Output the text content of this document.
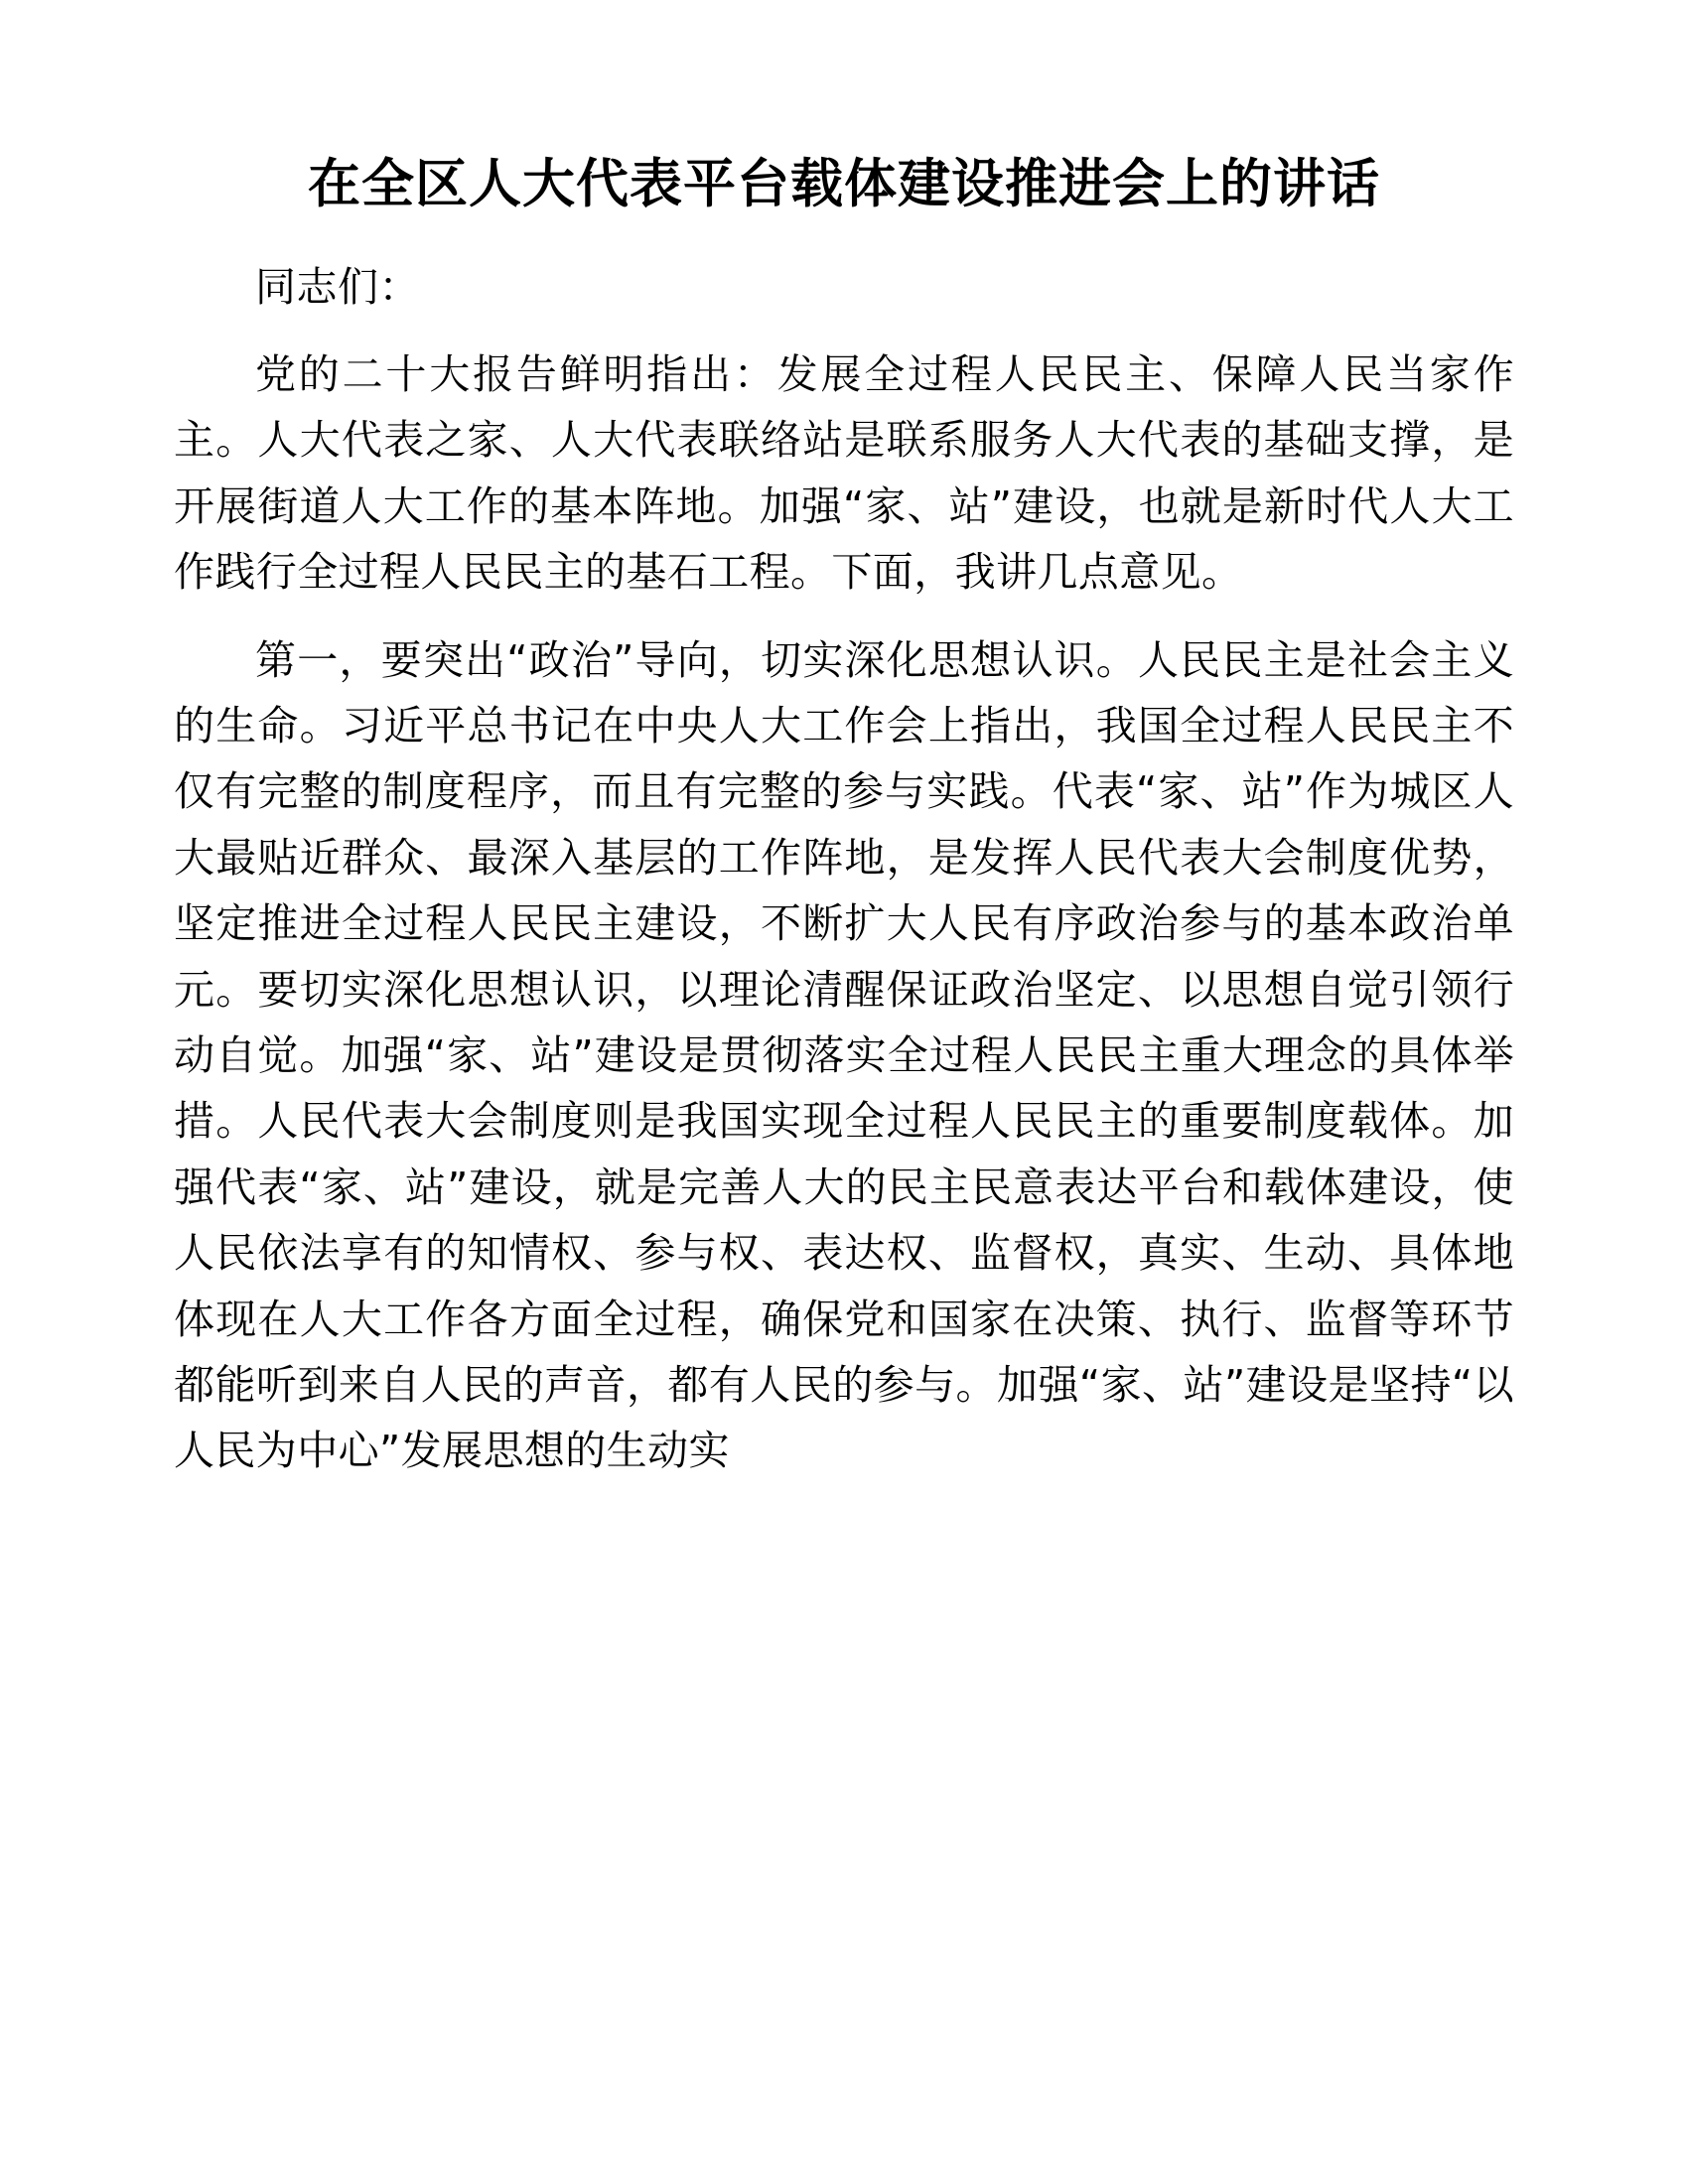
在全区人大代表平台载体建设推进会上的讲话

同志们：

党的二十大报告鲜明指出：发展全过程人民民主、保障人民当家作主。人大代表之家、人大代表联络站是联系服务人大代表的基础支撑，是开展街道人大工作的基本阵地。加强“家、站”建设，也就是新时代人大工作践行全过程人民民主的基石工程。下面，我讲几点意见。

第一，要突出“政治”导向，切实深化思想认识。人民民主是社会主义的生命。习近平总书记在中央人大工作会上指出，我国全过程人民民主不仅有完整的制度程序，而且有完整的参与实践。代表“家、站”作为城区人大最贴近群众、最深入基层的工作阵地，是发挥人民代表大会制度优势，坚定推进全过程人民民主建设，不断扩大人民有序政治参与的基本政治单元。要切实深化思想认识，以理论清醒保证政治坚定、以思想自觉引领行动自觉。加强“家、站”建设是贯彻落实全过程人民民主重大理念的具体举措。人民代表大会制度则是我国实现全过程人民民主的重要制度载体。加强代表“家、站”建设，就是完善人大的民主民意表达平台和载体建设，使人民依法享有的知情权、参与权、表达权、监督权，真实、生动、具体地体现在人大工作各方面全过程，确保党和国家在决策、执行、监督等环节都能听到来自人民的声音，都有人民的参与。加强“家、站”建设是坚持“以人民为中心”发展思想的生动实
